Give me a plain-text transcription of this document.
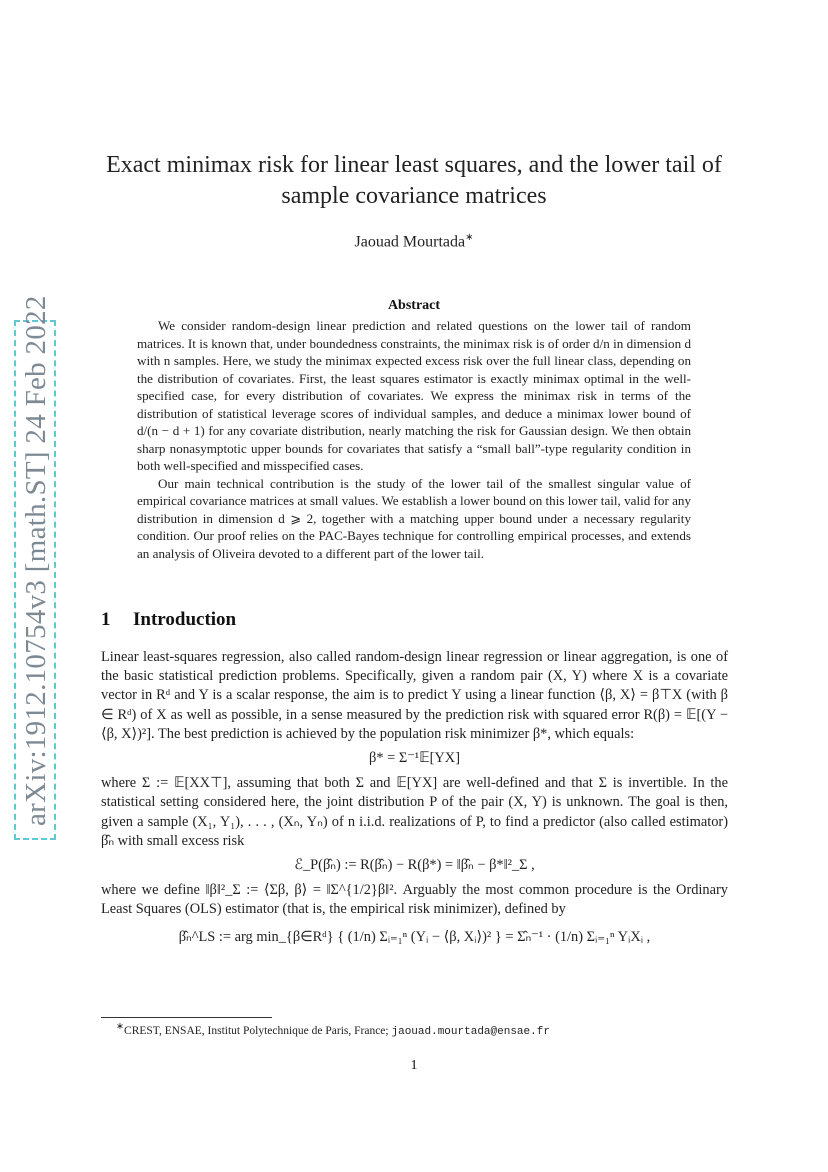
arXiv:1912.10754v3 [math.ST] 24 Feb 2022
Exact minimax risk for linear least squares, and the lower tail of sample covariance matrices
Jaouad Mourtada∗
Abstract

We consider random-design linear prediction and related questions on the lower tail of random matrices. It is known that, under boundedness constraints, the minimax risk is of order d/n in dimension d with n samples. Here, we study the minimax expected excess risk over the full linear class, depending on the distribution of covariates. First, the least squares estimator is exactly minimax optimal in the well-specified case, for every distribution of covariates. We express the minimax risk in terms of the distribution of statistical leverage scores of individual samples, and deduce a minimax lower bound of d/(n − d + 1) for any covariate distribution, nearly matching the risk for Gaussian design. We then obtain sharp nonasymptotic upper bounds for covariates that satisfy a “small ball”-type regularity condition in both well-specified and misspecified cases.

Our main technical contribution is the study of the lower tail of the smallest singular value of empirical covariance matrices at small values. We establish a lower bound on this lower tail, valid for any distribution in dimension d ⩾ 2, together with a matching upper bound under a necessary regularity condition. Our proof relies on the PAC-Bayes technique for controlling empirical processes, and extends an analysis of Oliveira devoted to a different part of the lower tail.

1 Introduction

Linear least-squares regression, also called random-design linear regression or linear aggregation, is one of the basic statistical prediction problems. Specifically, given a random pair (X, Y) where X is a covariate vector in Rᵈ and Y is a scalar response, the aim is to predict Y using a linear function ⟨β, X⟩ = β⊤X (with β ∈ Rᵈ) of X as well as possible, in a sense measured by the prediction risk with squared error R(β) = 𝔼[(Y − ⟨β, X⟩)²]. The best prediction is achieved by the population risk minimizer β*, which equals:

β* = Σ⁻¹𝔼[YX]

where Σ := 𝔼[XX⊤], assuming that both Σ and 𝔼[YX] are well-defined and that Σ is invertible. In the statistical setting considered here, the joint distribution P of the pair (X, Y) is unknown. The goal is then, given a sample (X₁, Y₁), . . . , (Xₙ, Yₙ) of n i.i.d. realizations of P, to find a predictor (also called estimator) β̂ₙ with small excess risk

ℰ_P(β̂ₙ) := R(β̂ₙ) − R(β*) = ‖β̂ₙ − β*‖²_Σ ,

where we define ‖β‖²_Σ := ⟨Σβ, β⟩ = ‖Σ^{1/2}β‖². Arguably the most common procedure is the Ordinary Least Squares (OLS) estimator (that is, the empirical risk minimizer), defined by

β̂ₙ^LS := arg min_{β∈Rᵈ} { (1/n) Σᵢ₌₁ⁿ (Yᵢ − ⟨β, Xᵢ⟩)² } = Σ̂ₙ⁻¹ · (1/n) Σᵢ₌₁ⁿ YᵢXᵢ ,
∗CREST, ENSAE, Institut Polytechnique de Paris, France; jaouad.mourtada@ensae.fr
1
